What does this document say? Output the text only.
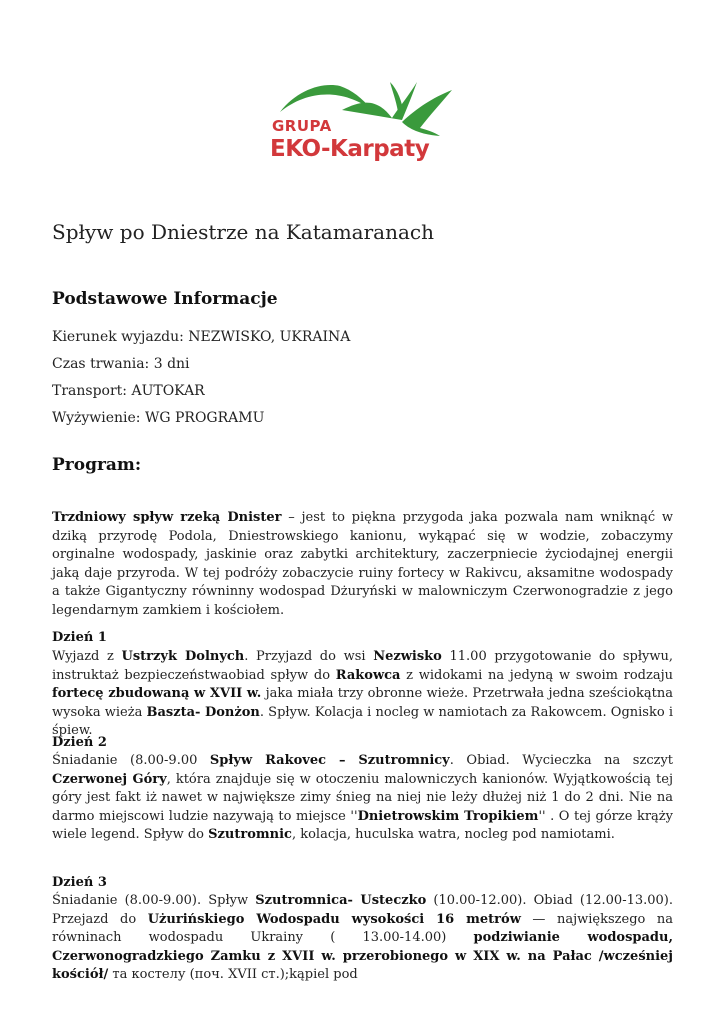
GRUPA
EKO-Karpaty
Spływ po Dniestrze na Katamaranach
Podstawowe Informacje
Kierunek wyjazdu: NEZWISKO, UKRAINA
Czas trwania: 3 dni
Transport: AUTOKAR
Wyżywienie: WG PROGRAMU
Program:
Trzdniowy spływ rzeką Dnister – jest to piękna przygoda jaka pozwala nam wniknąć w dziką przyrodę Podola, Dniestrowskiego kanionu, wykąpać się w wodzie, zobaczymy orginalne wodospady, jaskinie oraz zabytki architektury, zaczerpniecie życiodajnej energii jaką daje przyroda. W tej podróży zobaczycie ruiny fortecy w Rakivcu, aksamitne wodospady a także Gigantyczny równinny wodospad Dżuryński w malowniczym Czerwonogradzie z jego legendarnym zamkiem i kościołem.
Dzień 1
Wyjazd z Ustrzyk Dolnych. Przyjazd do wsi Nezwisko 11.00 przygotowanie do spływu, instruktaż bezpieczeństwaobiad spływ do Rakowca z widokami na jedyną w swoim rodzaju fortecę zbudowaną w XVII w. jaka miała trzy obronne wieże. Przetrwała jedna sześciokątna wysoka wieża Baszta- Donżon. Spływ. Kolacja i nocleg w namiotach za Rakowcem. Ognisko i śpiew.
Dzień 2
Śniadanie (8.00-9.00 Spływ Rakovec – Szutromnicy. Obiad. Wycieczka na szczyt Czerwonej Góry, która znajduje się w otoczeniu malowniczych kanionów. Wyjątkowością tej góry jest fakt iż nawet w największe zimy śnieg na niej nie leży dłużej niż 1 do 2 dni. Nie na darmo miejscowi ludzie nazywają to miejsce ''Dnietrowskim Tropikiem'' . O tej górze krąży wiele legend. Spływ do Szutromnic, kolacja, huculska watra, nocleg pod namiotami.
Dzień 3
Śniadanie (8.00-9.00). Spływ Szutromnica- Usteczko (10.00-12.00). Obiad (12.00-13.00). Przejazd do Użurińskiego Wodospadu wysokości 16 metrów — największego na równinach wodospadu Ukrainy ( 13.00-14.00) podziwianie wodospadu, Czerwonogradzkiego Zamku z XVII w. przerobionego w XIX w. na Pałac /wcześniej kościół/ та костелу (поч. XVII ст.);kąpiel pod
